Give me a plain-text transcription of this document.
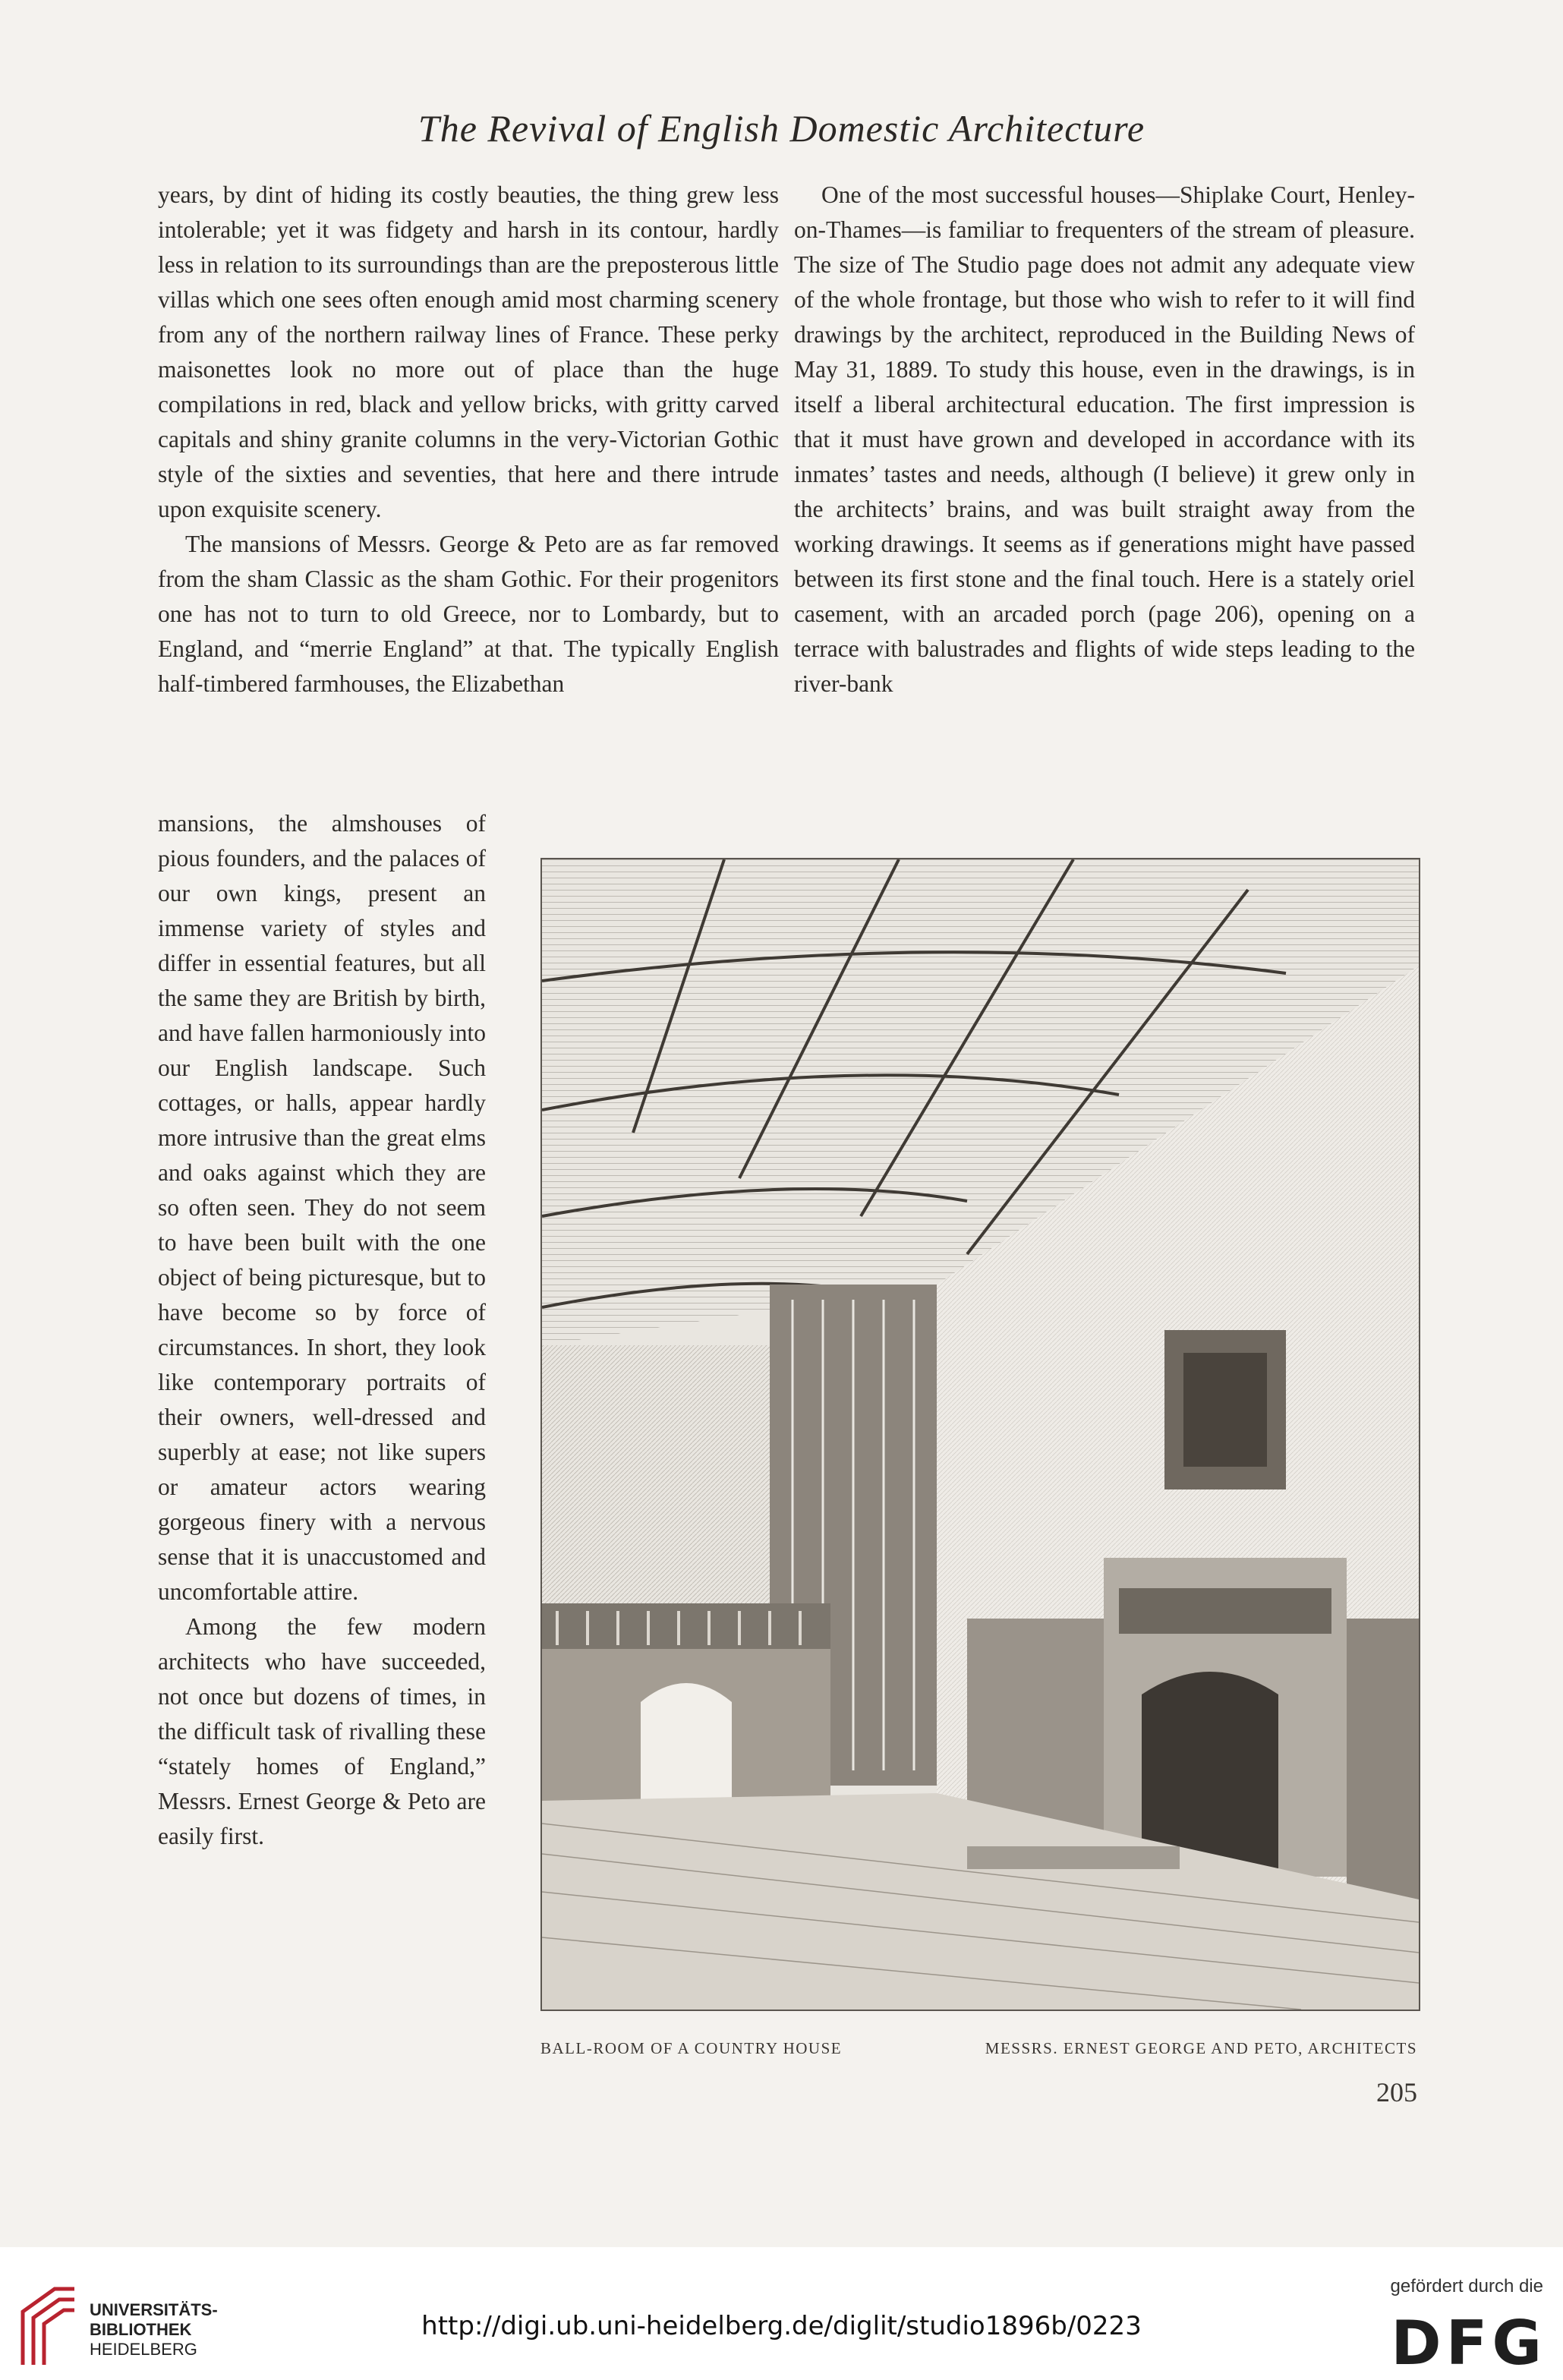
The Revival of English Domestic Architecture

years, by dint of hiding its costly beauties, the thing grew less intolerable; yet it was fidgety and harsh in its contour, hardly less in relation to its surroundings than are the preposterous little villas which one sees often enough amid most charming scenery from any of the northern railway lines of France. These perky maisonettes look no more out of place than the huge compilations in red, black and yellow bricks, with gritty carved capitals and shiny granite columns in the very-Victorian Gothic style of the sixties and seventies, that here and there intrude upon exquisite scenery.

The mansions of Messrs. George & Peto are as far removed from the sham Classic as the sham Gothic. For their progenitors one has not to turn to old Greece, nor to Lombardy, but to England, and “merrie England” at that. The typically English half-timbered farmhouses, the Elizabethan

mansions, the almshouses of pious founders, and the palaces of our own kings, present an immense variety of styles and differ in essential features, but all the same they are British by birth, and have fallen harmoniously into our English landscape. Such cottages, or halls, appear hardly more intrusive than the great elms and oaks against which they are so often seen. They do not seem to have been built with the one object of being picturesque, but to have become so by force of circumstances. In short, they look like contemporary portraits of their owners, well-dressed and superbly at ease; not like supers or amateur actors wearing gorgeous finery with a nervous sense that it is unaccustomed and uncomfortable attire.

Among the few modern architects who have succeeded, not once but dozens of times, in the difficult task of rivalling these “stately homes of England,” Messrs. Ernest George & Peto are easily first.

One of the most successful houses—Shiplake Court, Henley-on-Thames—is familiar to frequenters of the stream of pleasure. The size of The Studio page does not admit any adequate view of the whole frontage, but those who wish to refer to it will find drawings by the architect, reproduced in the Building News of May 31, 1889. To study this house, even in the drawings, is in itself a liberal architectural education. The first impression is that it must have grown and developed in accordance with its inmates’ tastes and needs, although (I believe) it grew only in the architects’ brains, and was built straight away from the working drawings. It seems as if generations might have passed between its first stone and the final touch. Here is a stately oriel casement, with an arcaded porch (page 206), opening on a terrace with balustrades and flights of wide steps leading to the river-bank

BALL-ROOM OF A COUNTRY HOUSE	MESSRS. ERNEST GEORGE AND PETO, ARCHITECTS
205
UNIVERSITÄTS-
BIBLIOTHEK
HEIDELBERG
http://digi.ub.uni-heidelberg.de/diglit/studio1896b/0223
gefördert durch die
DFG
